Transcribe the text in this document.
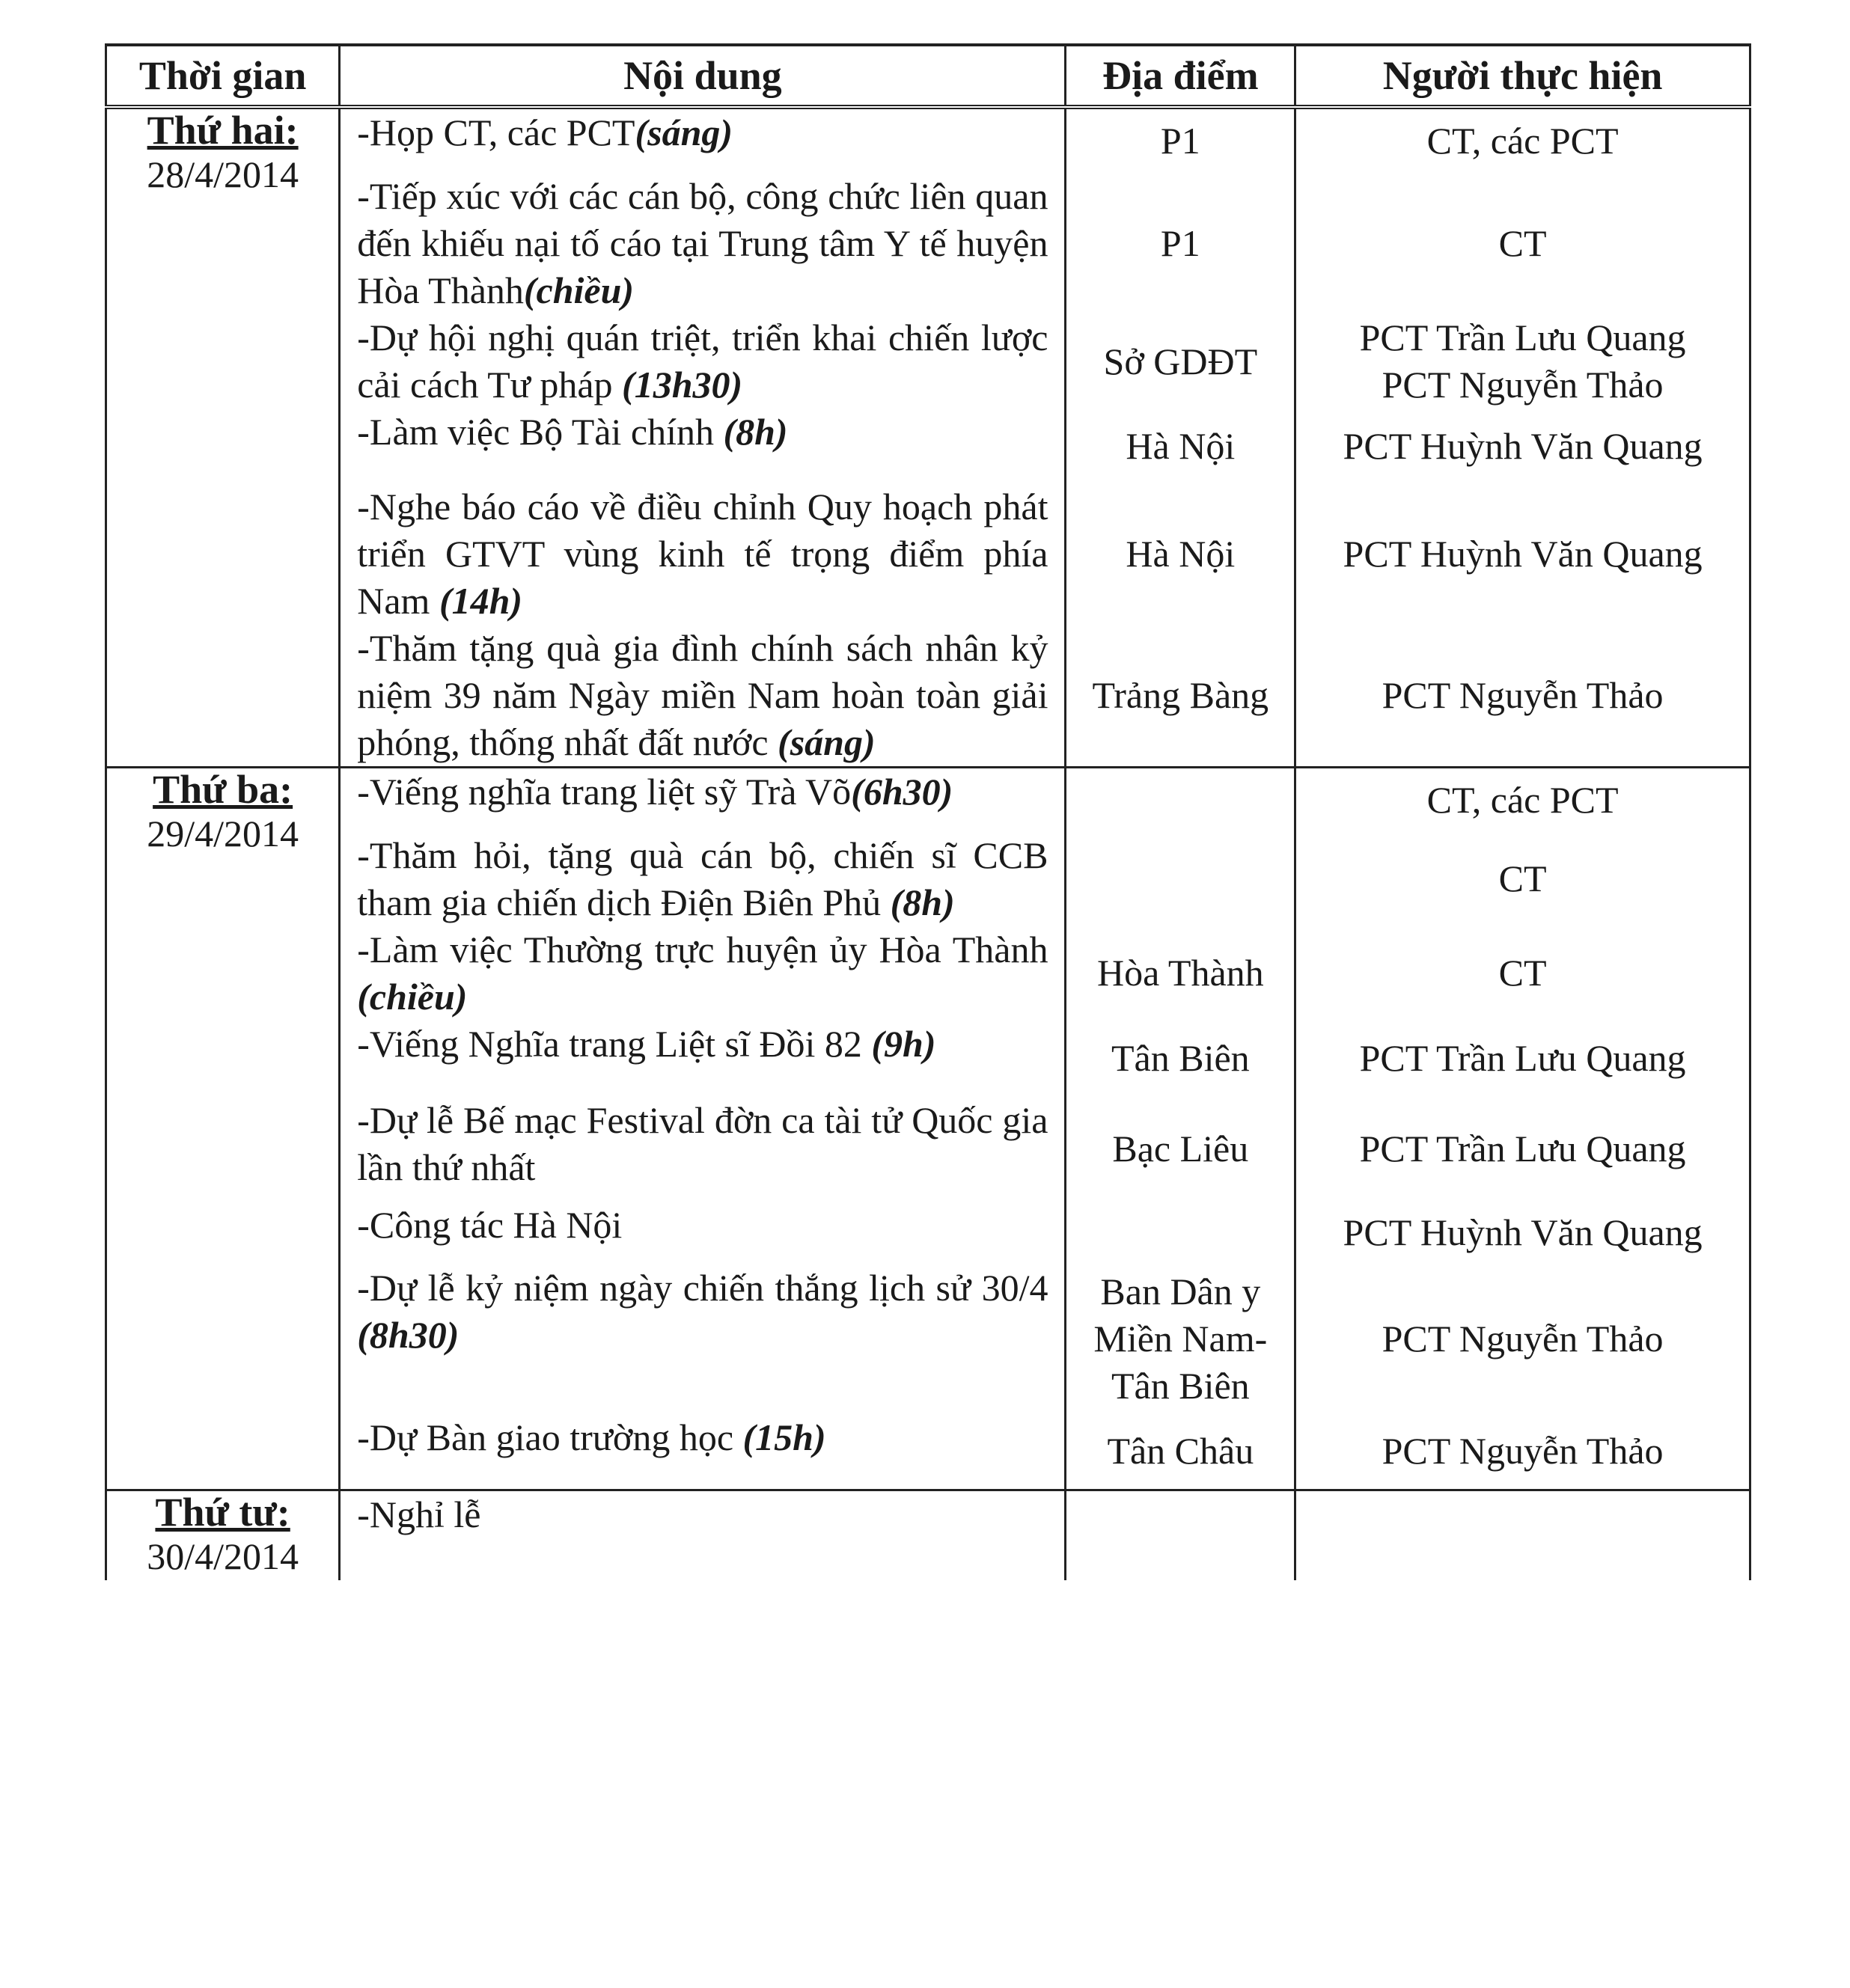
Thời gian	Nội dung	Địa điểm	Người thực hiện

Thứ hai:
28/4/2014	-Họp CT, các PCT(sáng)	P1	CT, các PCT

	-Tiếp xúc với các cán bộ, công chức liên quan đến khiếu nại tố cáo tại Trung tâm Y tế huyện Hòa Thành(chiều)	P1	CT

	-Dự hội nghị quán triệt, triển khai chiến lược cải cách Tư pháp (13h30)	Sở GDĐT	PCT Trần Lưu Quang
PCT Nguyễn Thảo

	-Làm việc Bộ Tài chính (8h)	Hà Nội	PCT Huỳnh Văn Quang

	-Nghe báo cáo về điều chỉnh Quy hoạch phát triển GTVT vùng kinh tế trọng điểm phía Nam (14h)	Hà Nội	PCT Huỳnh Văn Quang

	-Thăm tặng quà gia đình chính sách nhân kỷ niệm 39 năm Ngày miền Nam hoàn toàn giải phóng, thống nhất đất nước (sáng)	Trảng Bàng	PCT Nguyễn Thảo

Thứ ba:
29/4/2014	-Viếng nghĩa trang liệt sỹ Trà Võ(6h30)		CT, các PCT

	-Thăm hỏi, tặng quà cán bộ, chiến sĩ CCB tham gia chiến dịch Điện Biên Phủ (8h)		CT

	-Làm việc Thường trực huyện ủy Hòa Thành (chiều)	Hòa Thành	CT

	-Viếng Nghĩa trang Liệt sĩ Đồi 82 (9h)	Tân Biên	PCT Trần Lưu Quang

	-Dự lễ Bế mạc Festival đờn ca tài tử Quốc gia lần thứ nhất	Bạc Liêu	PCT Trần Lưu Quang

	-Công tác Hà Nội		PCT Huỳnh Văn Quang

	-Dự lễ kỷ niệm ngày chiến thắng lịch sử 30/4 (8h30)	Ban Dân y Miền Nam-Tân Biên	PCT Nguyễn Thảo

	-Dự Bàn giao trường học (15h)	Tân Châu	PCT Nguyễn Thảo

Thứ tư:
30/4/2014	-Nghỉ lễ		
